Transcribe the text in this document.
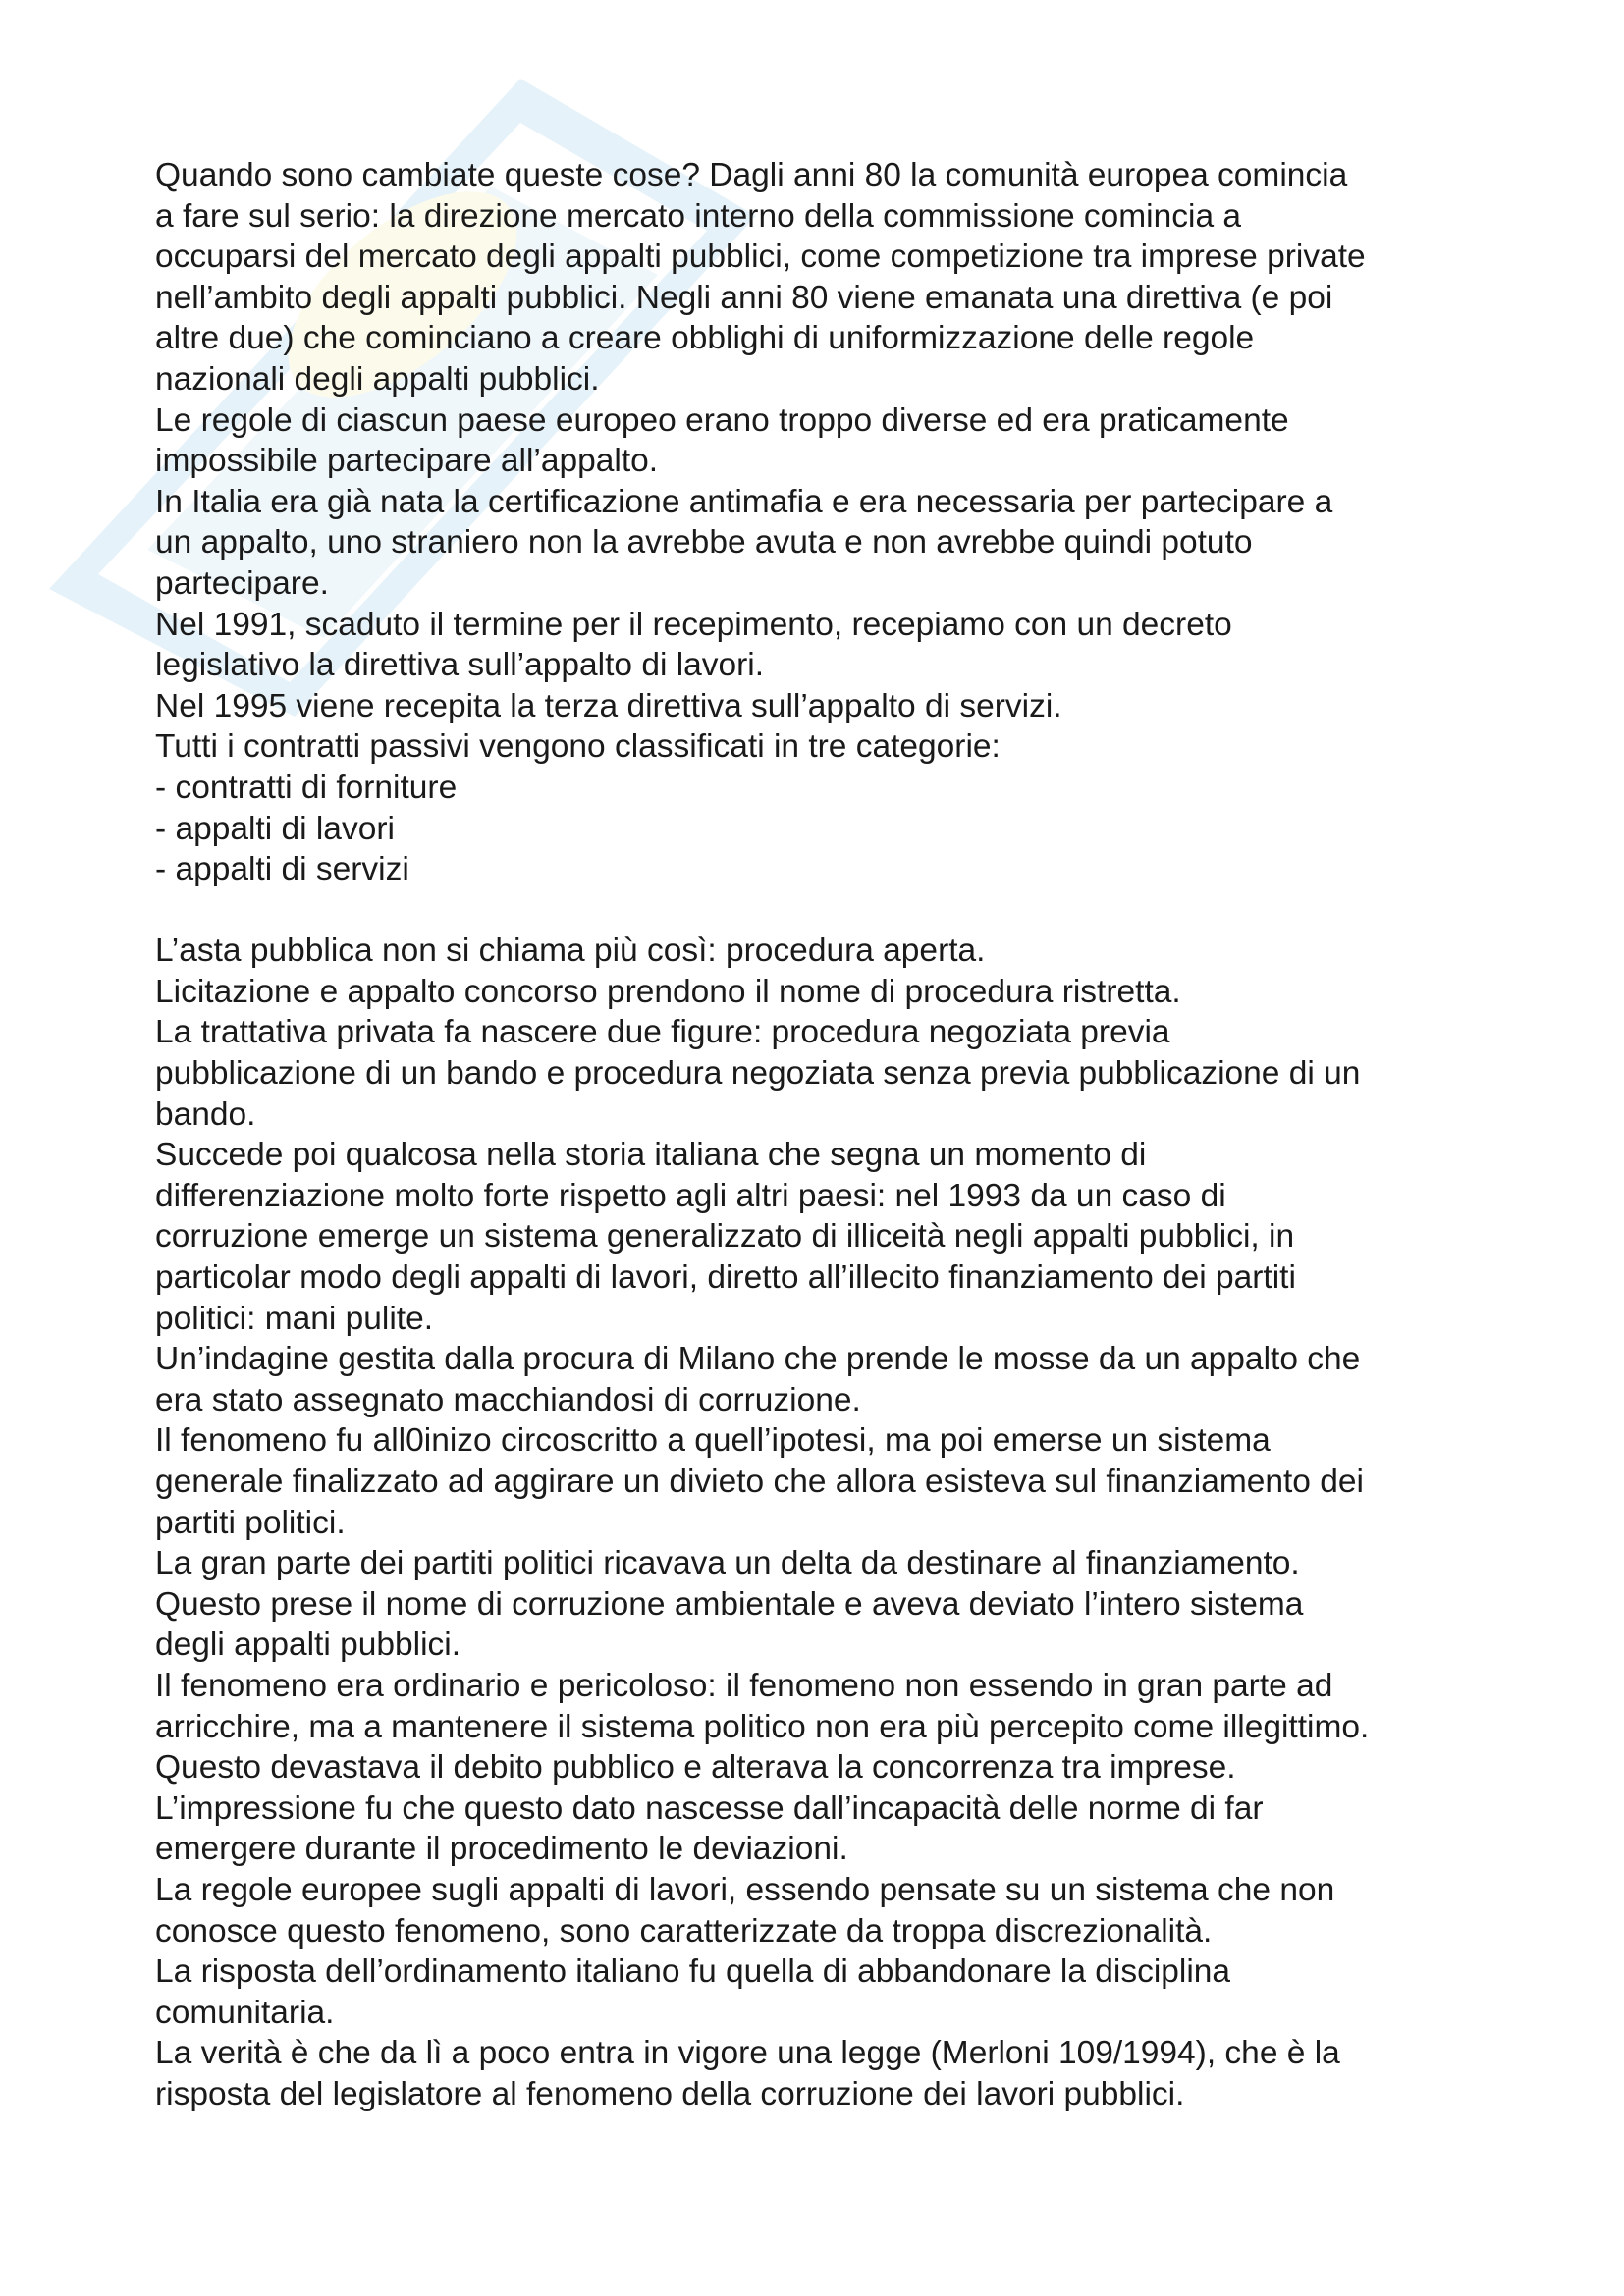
Quando sono cambiate queste cose? Dagli anni 80 la comunità europea comincia
a fare sul serio: la direzione mercato interno della commissione comincia a
occuparsi del mercato degli appalti pubblici, come competizione tra imprese private
nell’ambito degli appalti pubblici. Negli anni 80 viene emanata una direttiva (e poi
altre due) che cominciano a creare obblighi di uniformizzazione delle regole
nazionali degli appalti pubblici.
Le regole di ciascun paese europeo erano troppo diverse ed era praticamente
impossibile partecipare all’appalto.
In Italia era già nata la certificazione antimafia e era necessaria per partecipare a
un appalto, uno straniero non la avrebbe avuta e non avrebbe quindi potuto
partecipare.
Nel 1991, scaduto il termine per il recepimento, recepiamo con un decreto
legislativo la direttiva sull’appalto di lavori.
Nel 1995 viene recepita la terza direttiva sull’appalto di servizi.
Tutti i contratti passivi vengono classificati in tre categorie:
- contratti di forniture
- appalti di lavori
- appalti di servizi
L’asta pubblica non si chiama più così: procedura aperta.
Licitazione e appalto concorso prendono il nome di procedura ristretta.
La trattativa privata fa nascere due figure: procedura negoziata previa
pubblicazione di un bando e procedura negoziata senza previa pubblicazione di un
bando.
Succede poi qualcosa nella storia italiana che segna un momento di
differenziazione molto forte rispetto agli altri paesi: nel 1993 da un caso di
corruzione emerge un sistema generalizzato di illiceità negli appalti pubblici, in
particolar modo degli appalti di lavori, diretto all’illecito finanziamento dei partiti
politici: mani pulite.
Un’indagine gestita dalla procura di Milano che prende le mosse da un appalto che
era stato assegnato macchiandosi di corruzione.
Il fenomeno fu all0inizo circoscritto a quell’ipotesi, ma poi emerse un sistema
generale finalizzato ad aggirare un divieto che allora esisteva sul finanziamento dei
partiti politici.
La gran parte dei partiti politici ricavava un delta da destinare al finanziamento.
Questo prese il nome di corruzione ambientale e aveva deviato l’intero sistema
degli appalti pubblici.
Il fenomeno era ordinario e pericoloso: il fenomeno non essendo in gran parte ad
arricchire, ma a mantenere il sistema politico non era più percepito come illegittimo.
Questo devastava il debito pubblico e alterava la concorrenza tra imprese.
L’impressione fu che questo dato nascesse dall’incapacità delle norme di far
emergere durante il procedimento le deviazioni.
La regole europee sugli appalti di lavori, essendo pensate su un sistema che non
conosce questo fenomeno, sono caratterizzate da troppa discrezionalità.
La risposta dell’ordinamento italiano fu quella di abbandonare la disciplina
comunitaria.
La verità è che da lì a poco entra in vigore una legge (Merloni 109/1994), che è la
risposta del legislatore al fenomeno della corruzione dei lavori pubblici.
